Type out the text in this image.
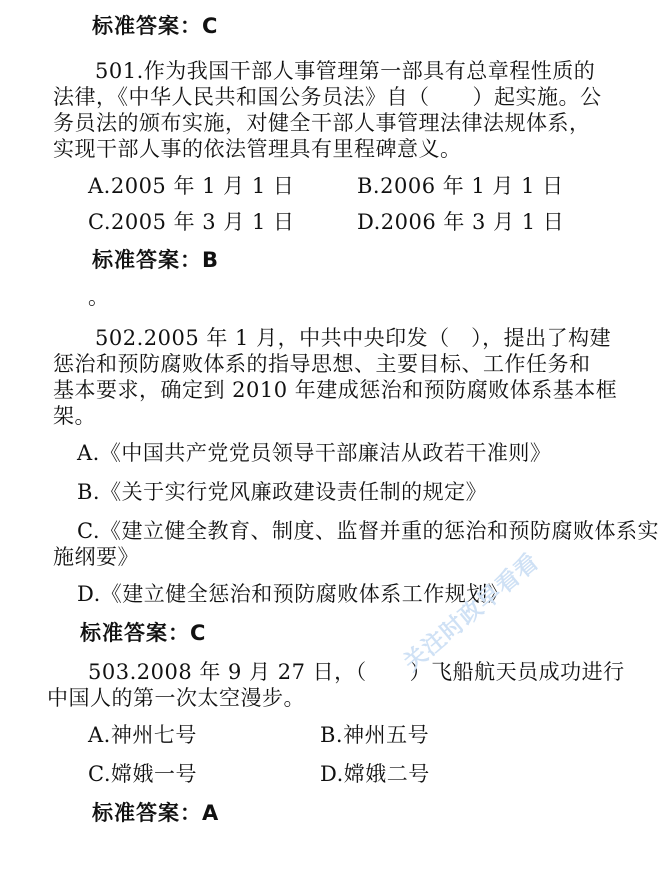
标准答案：C
501.作为我国干部人事管理第一部具有总章程性质的
法律，《中华人民共和国公务员法》自（　　）起实施。公
务员法的颁布实施，对健全干部人事管理法律法规体系，
实现干部人事的依法管理具有里程碑意义。
A.2005 年 1 月 1 日	B.2006 年 1 月 1 日
C.2005 年 3 月 1 日	D.2006 年 3 月 1 日
标准答案：B
。
502.2005 年 1 月，中共中央印发（　），提出了构建
惩治和预防腐败体系的指导思想、主要目标、工作任务和
基本要求，确定到 2010 年建成惩治和预防腐败体系基本框
架。
A.《中国共产党党员领导干部廉洁从政若干准则》
B.《关于实行党风廉政建设责任制的规定》
C.《建立健全教育、制度、监督并重的惩治和预防腐败体系实
施纲要》
D.《建立健全惩治和预防腐败体系工作规划》
标准答案：C
503.2008 年 9 月 27 日，（　　）飞船航天员成功进行
中国人的第一次太空漫步。
A.神州七号	B.神州五号
C.嫦娥一号	D.嫦娥二号
标准答案：A
关注时政早看看
